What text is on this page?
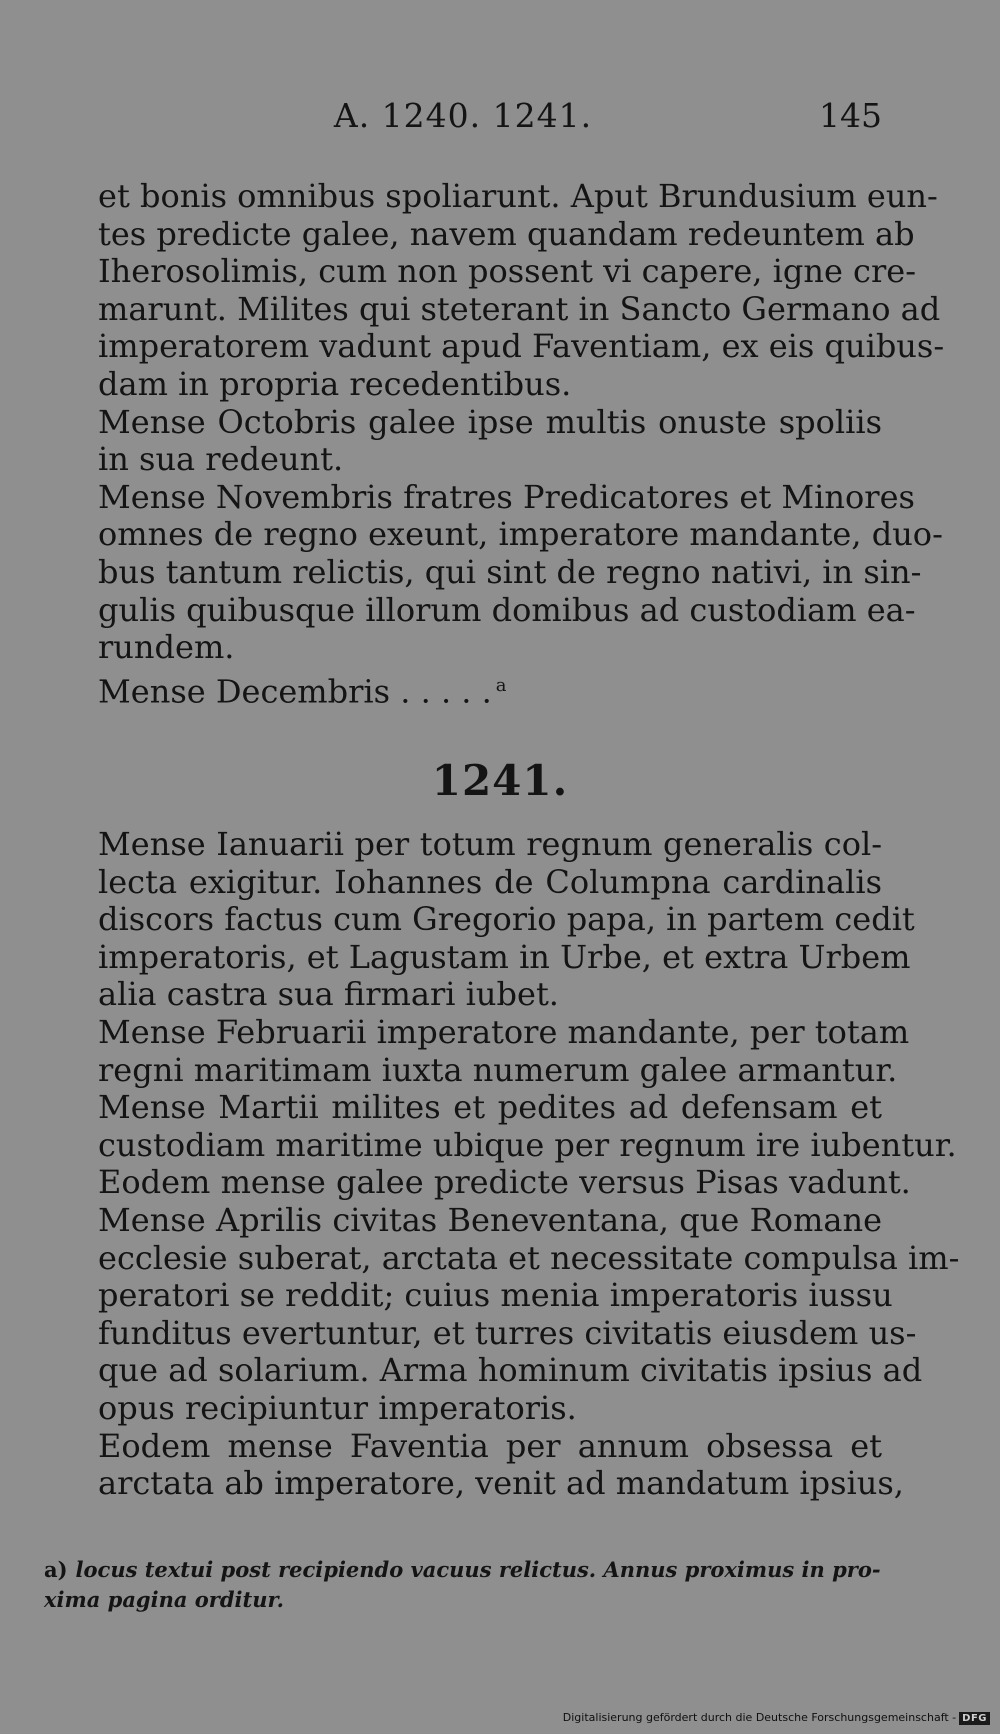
A. 1240. 1241.	145

et bonis omnibus spoliarunt. Aput Brundusium eun-
tes predicte galee, navem quandam redeuntem ab
Iherosolimis, cum non possent vi capere, igne cre-
marunt. Milites qui steterant in Sancto Germano ad
imperatorem vadunt apud Faventiam, ex eis quibus-
dam in propria recedentibus.

Mense Octobris galee ipse multis onuste spoliis
in sua redeunt.

Mense Novembris fratres Predicatores et Minores
omnes de regno exeunt, imperatore mandante, duo-
bus tantum relictis, qui sint de regno nativi, in sin-
gulis quibusque illorum domibus ad custodiam ea-
rundem.

Mense Decembris . . . . . $^a$

1241.

Mense Ianuarii per totum regnum generalis col-
lecta exigitur. Iohannes de Columpna cardinalis
discors factus cum Gregorio papa, in partem cedit
imperatoris, et Lagustam in Urbe, et extra Urbem
alia castra sua firmari iubet.

Mense Februarii imperatore mandante, per totam
regni maritimam iuxta numerum galee armantur.

Mense Martii milites et pedites ad defensam et
custodiam maritime ubique per regnum ire iubentur.

Eodem mense galee predicte versus Pisas vadunt.

Mense Aprilis civitas Beneventana, que Romane
ecclesie suberat, arctata et necessitate compulsa im-
peratori se reddit; cuius menia imperatoris iussu
funditus evertuntur, et turres civitatis eiusdem us-
que ad solarium. Arma hominum civitatis ipsius ad
opus recipiuntur imperatoris.

Eodem mense Faventia per annum obsessa et
arctata ab imperatore, venit ad mandatum ipsius,

a) locus textui post recipiendo vacuus relictus. Annus proximus in pro-
xima pagina orditur.
Digitalisierung gefördert durch die Deutsche Forschungsgemeinschaft - DFG
